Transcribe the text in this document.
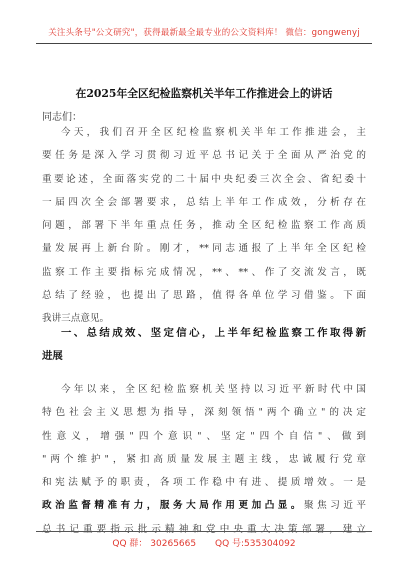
关注头条号"公文研究"，获得最新最全最专业的公文资料库！ 微信：gongwenyj
在2025年全区纪检监察机关半年工作推进会上的讲话
同志们：
今天，我们召开全区纪检监察机关半年工作推进会，主
要任务是深入学习贯彻习近平总书记关于全面从严治党的
重要论述，全面落实党的二十届中央纪委三次全会、省纪委十
一届四次全会部署要求，总结上半年工作成效，分析存在
问题，部署下半年重点任务，推动全区纪检监察工作高质
量发展再上新台阶。刚才，**同志通报了上半年全区纪检
监察工作主要指标完成情况，**、**、作了交流发言，既
总结了经验，也提出了思路，值得各单位学习借鉴。下面
我讲三点意见。
一、总结成效、坚定信心，上半年纪检监察工作取得新
进展
今年以来，全区纪检监察机关坚持以习近平新时代中国
特色社会主义思想为指导，深刻领悟"两个确立"的决定
性意义，增强"四个意识"、坚定"四个自信"、做到
"两个维护"，紧扣高质量发展主题主线，忠诚履行党章
和宪法赋予的职责，各项工作稳中有进、提质增效。一是
政治监督精准有力，服务大局作用更加凸显。聚焦习近平
总书记重要指示批示精神和党中央重大决策部署，建立
QQ 群： 30265665 QQ 号:535304092
